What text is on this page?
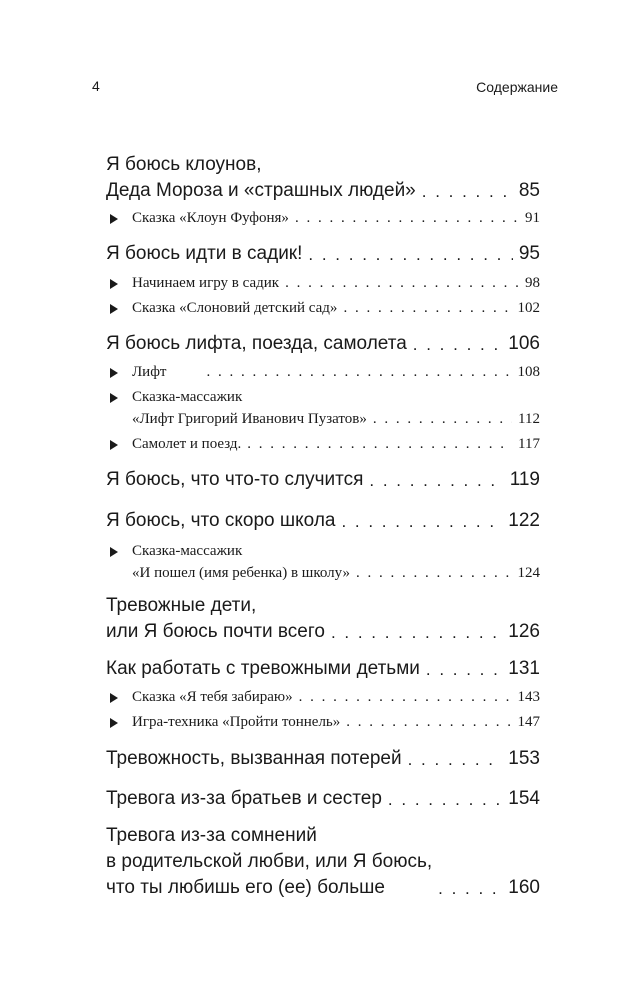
4	Содержание
Я боюсь клоунов,
Деда Мороза и «страшных людей» . . .	85
Сказка «Клоун Фуфоня» . . .	91
Я боюсь идти в садик! . . .	95
Начинаем игру в садик . . .	98
Сказка «Слоновий детский сад» . . .	102
Я боюсь лифта, поезда, самолета . . .	106
Лифт . . .	108
Сказка-массажик
«Лифт Григорий Иванович Пузатов» . . .	112
Самолет и поезд. . . .	117
Я боюсь, что что-то случится . . .	119
Я боюсь, что скоро школа . . .	122
Сказка-массажик
«И пошел (имя ребенка) в школу» . . .	124
Тревожные дети,
или Я боюсь почти всего . . .	126
Как работать с тревожными детьми . . .	131
Сказка «Я тебя забираю» . . .	143
Игра-техника «Пройти тоннель» . . .	147
Тревожность, вызванная потерей . . .	153
Тревога из-за братьев и сестер . . .	154
Тревога из-за сомнений
в родительской любви, или Я боюсь,
что ты любишь его (ее) больше . . .	160
